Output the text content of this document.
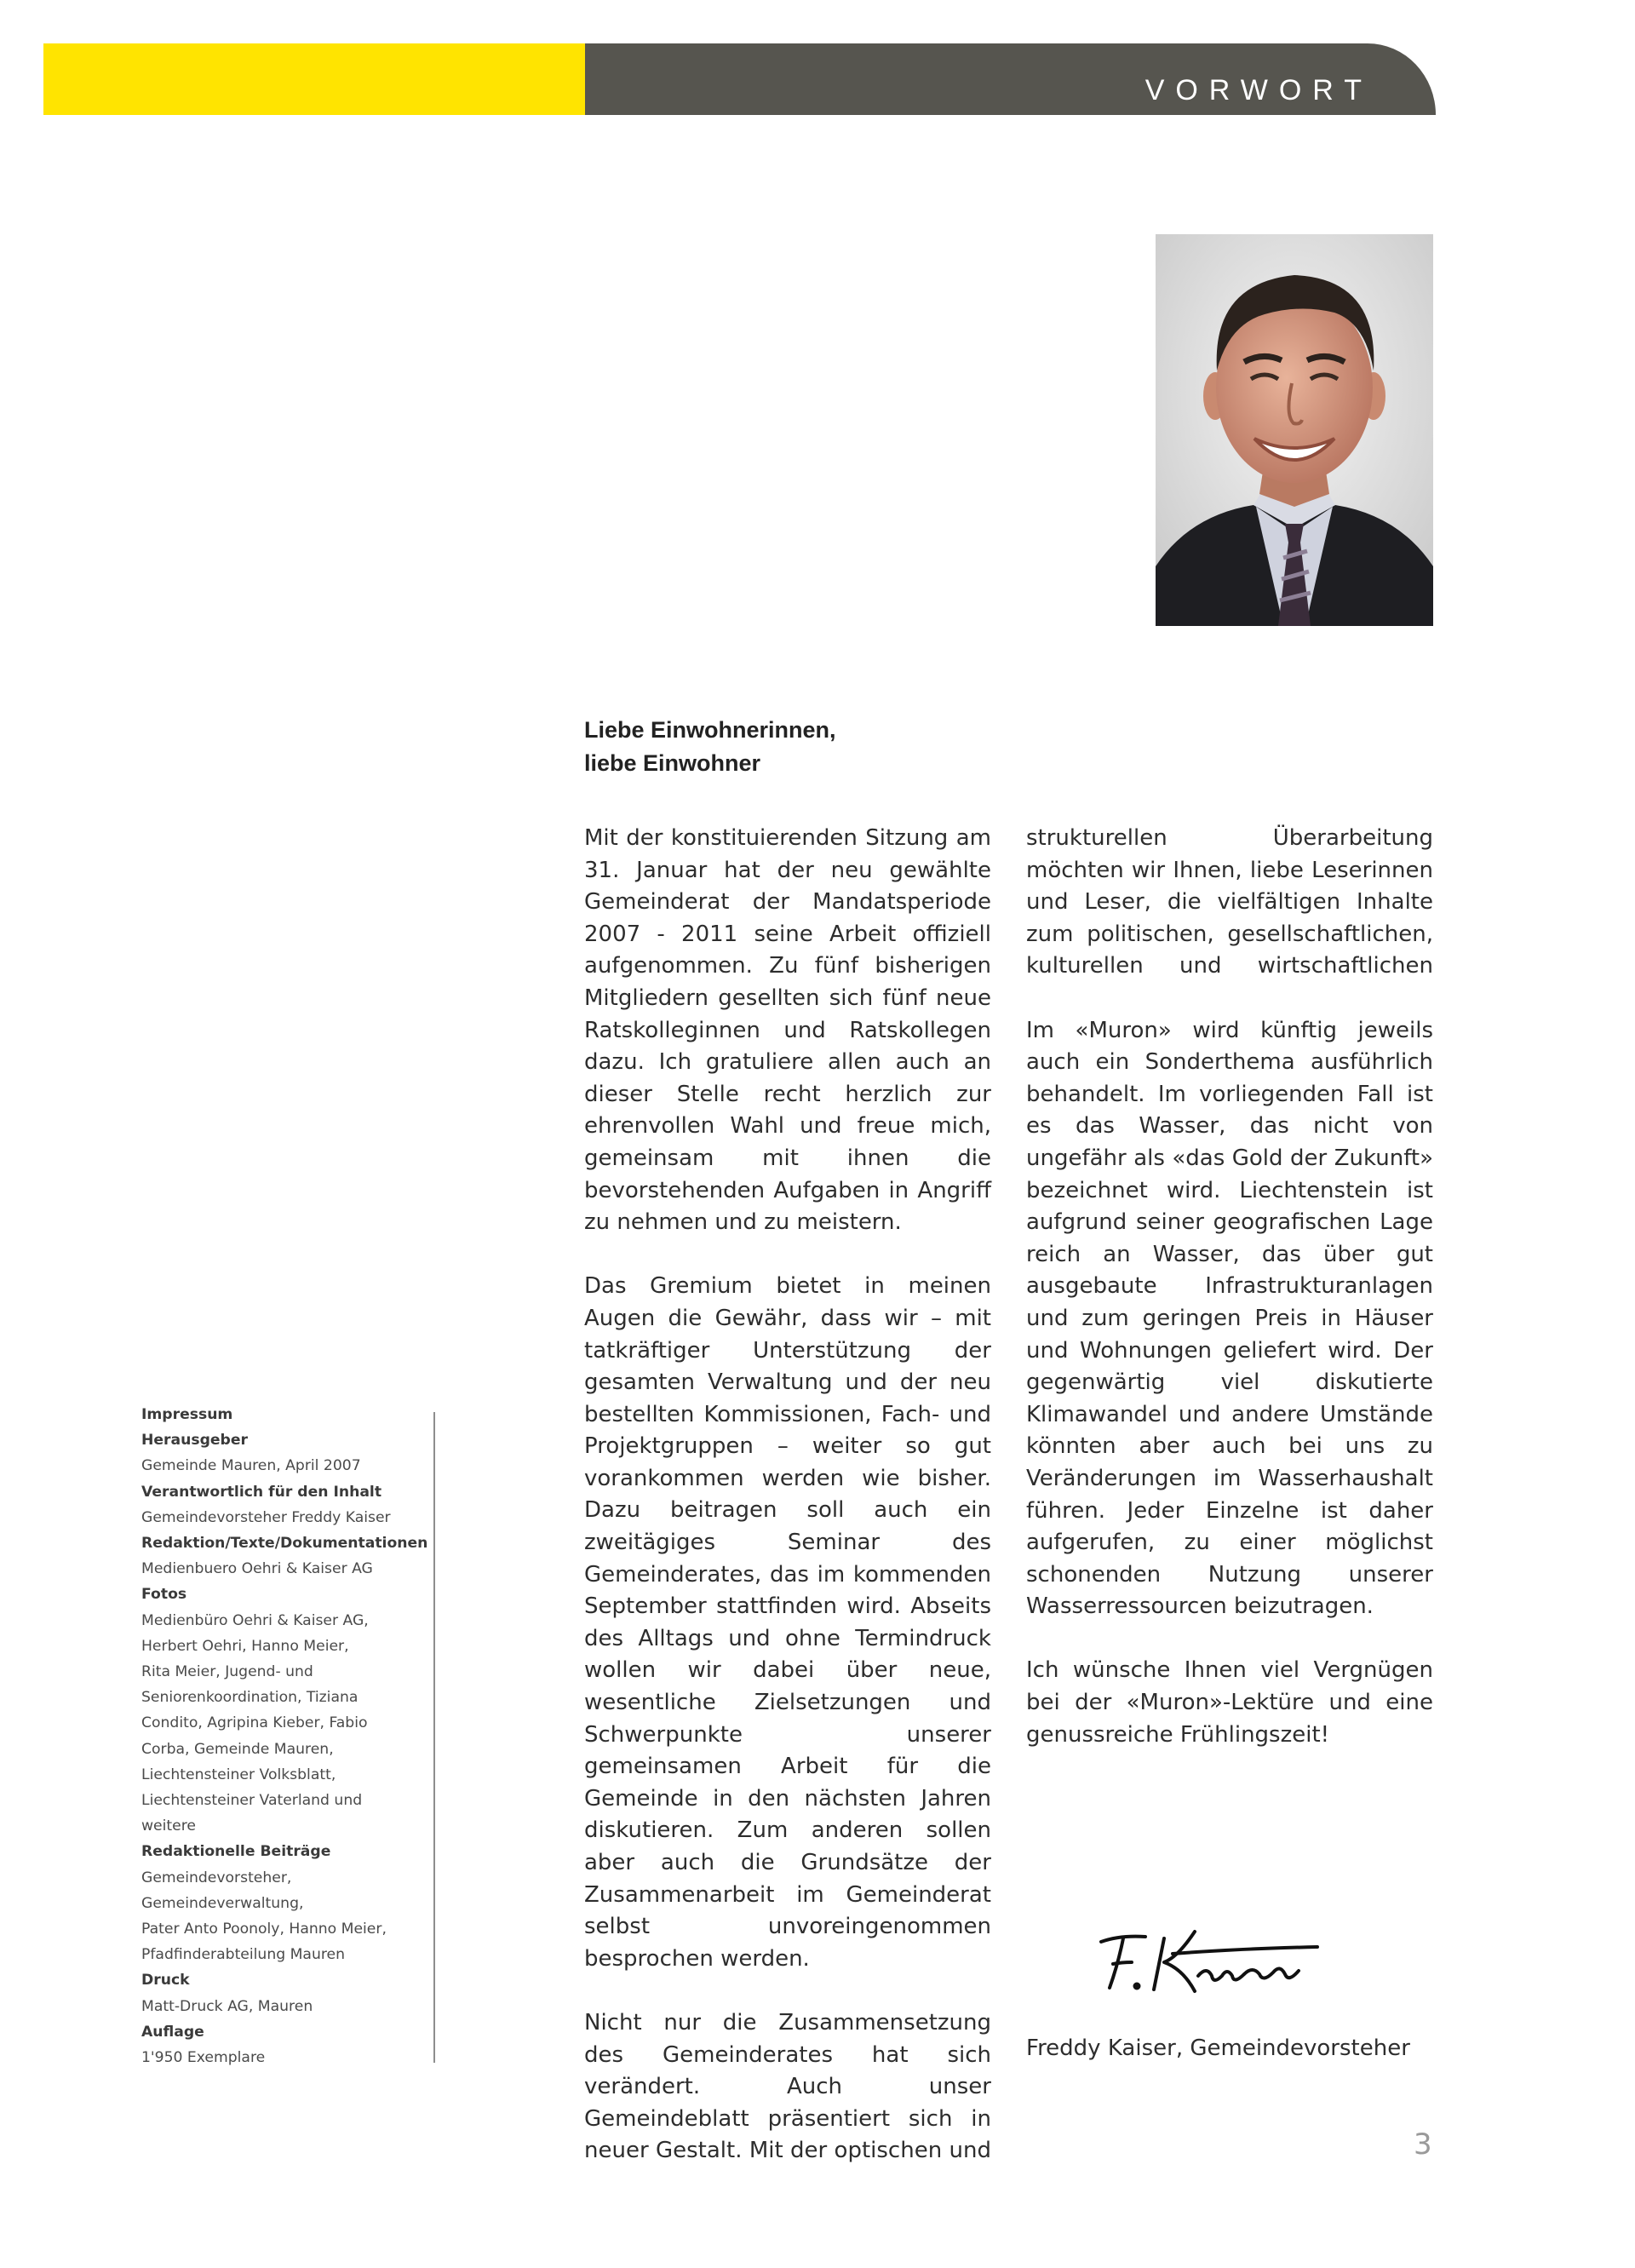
VORWORT
Liebe Einwohnerinnen,
liebe Einwohner

Mit der konstituierenden Sitzung am 31. Januar hat der neu gewählte Gemeinderat der Mandatsperiode 2007 - 2011 seine Arbeit offiziell aufgenommen. Zu fünf bisherigen Mitgliedern gesellten sich fünf neue Ratskolleginnen und Ratskollegen dazu. Ich gratuliere allen auch an dieser Stelle recht herzlich zur ehrenvollen Wahl und freue mich, gemeinsam mit ihnen die bevorstehenden Aufgaben in Angriff zu nehmen und zu meistern.

Das Gremium bietet in meinen Augen die Gewähr, dass wir – mit tatkräftiger Unterstützung der gesamten Verwaltung und der neu bestellten Kommissionen, Fach- und Projektgruppen – weiter so gut vorankommen werden wie bisher. Dazu beitragen soll auch ein zweitägiges Seminar des Gemeinderates, das im kommenden September stattfinden wird. Abseits des Alltags und ohne Termindruck wollen wir dabei über neue, wesentliche Zielsetzungen und Schwerpunkte unserer gemeinsamen Arbeit für die Gemeinde in den nächsten Jahren diskutieren. Zum anderen sollen aber auch die Grundsätze der Zusammenarbeit im Gemeinderat selbst unvoreingenommen besprochen werden.

Nicht nur die Zusammensetzung des Gemeinderates hat sich verändert. Auch unser Gemeindeblatt präsentiert sich in neuer Gestalt. Mit der optischen und

strukturellen Überarbeitung möchten wir Ihnen, liebe Leserinnen und Leser, die vielfältigen Inhalte zum politischen, gesellschaftlichen, kulturellen und wirtschaftlichen

Im «Muron» wird künftig jeweils auch ein Sonderthema ausführlich behandelt. Im vorliegenden Fall ist es das Wasser, das nicht von ungefähr als «das Gold der Zukunft» bezeichnet wird. Liechtenstein ist aufgrund seiner geografischen Lage reich an Wasser, das über gut ausgebaute Infrastrukturanlagen und zum geringen Preis in Häuser und Wohnungen geliefert wird. Der gegenwärtig viel diskutierte Klimawandel und andere Umstände könnten aber auch bei uns zu Veränderungen im Wasserhaushalt führen. Jeder Einzelne ist daher aufgerufen, zu einer möglichst schonenden Nutzung unserer Wasserressourcen beizutragen.

Ich wünsche Ihnen viel Vergnügen bei der «Muron»-Lektüre und eine genussreiche Frühlingszeit!

Freddy Kaiser, Gemeindevorsteher
Impressum
Herausgeber
Gemeinde Mauren, April 2007
Verantwortlich für den Inhalt
Gemeindevorsteher Freddy Kaiser
Redaktion/Texte/Dokumentationen
Medienbuero Oehri & Kaiser AG
Fotos
Medienbüro Oehri & Kaiser AG,
Herbert Oehri, Hanno Meier,
Rita Meier, Jugend- und
Seniorenkoordination, Tiziana
Condito, Agripina Kieber, Fabio
Corba, Gemeinde Mauren,
Liechtensteiner Volksblatt,
Liechtensteiner Vaterland und
weitere
Redaktionelle Beiträge
Gemeindevorsteher,
Gemeindeverwaltung,
Pater Anto Poonoly, Hanno Meier,
Pfadfinderabteilung Mauren
Druck
Matt-Druck AG, Mauren
Auflage
1'950 Exemplare
3
